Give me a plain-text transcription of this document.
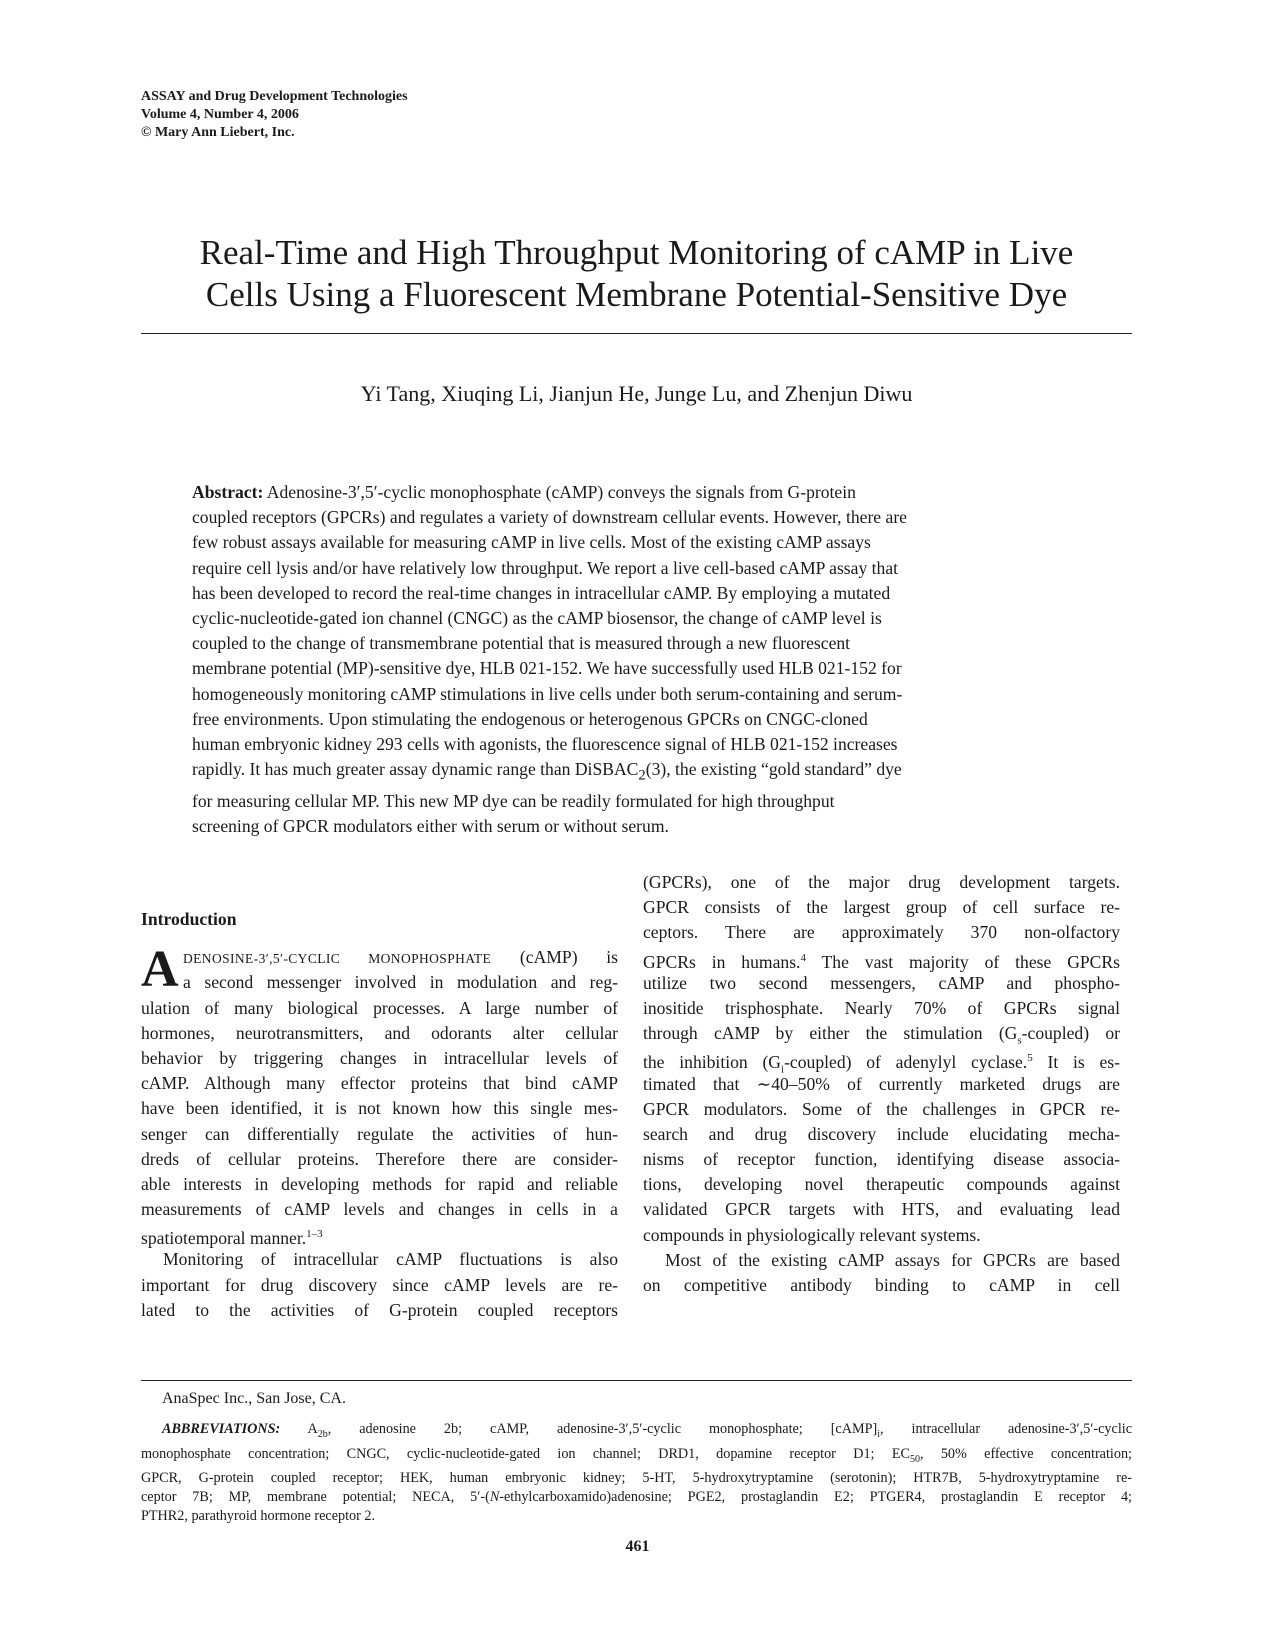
ASSAY and Drug Development Technologies
Volume 4, Number 4, 2006
© Mary Ann Liebert, Inc.
Real-Time and High Throughput Monitoring of cAMP in Live
Cells Using a Fluorescent Membrane Potential-Sensitive Dye
Yi Tang, Xiuqing Li, Jianjun He, Junge Lu, and Zhenjun Diwu
Abstract: Adenosine-3′,5′-cyclic monophosphate (cAMP) conveys the signals from G-protein
coupled receptors (GPCRs) and regulates a variety of downstream cellular events. However, there are
few robust assays available for measuring cAMP in live cells. Most of the existing cAMP assays
require cell lysis and/or have relatively low throughput. We report a live cell-based cAMP assay that
has been developed to record the real-time changes in intracellular cAMP. By employing a mutated
cyclic-nucleotide-gated ion channel (CNGC) as the cAMP biosensor, the change of cAMP level is
coupled to the change of transmembrane potential that is measured through a new fluorescent
membrane potential (MP)-sensitive dye, HLB 021-152. We have successfully used HLB 021-152 for
homogeneously monitoring cAMP stimulations in live cells under both serum-containing and serum-
free environments. Upon stimulating the endogenous or heterogenous GPCRs on CNGC-cloned
human embryonic kidney 293 cells with agonists, the fluorescence signal of HLB 021-152 increases
rapidly. It has much greater assay dynamic range than DiSBAC$_2$(3), the existing “gold standard” dye
for measuring cellular MP. This new MP dye can be readily formulated for high throughput
screening of GPCR modulators either with serum or without serum.
Introduction
A DENOSINE-3′,5′-CYCLIC MONOPHOSPHATE (cAMP) is
a second messenger involved in modulation and reg-
ulation of many biological processes. A large number of
hormones, neurotransmitters, and odorants alter cellular
behavior by triggering changes in intracellular levels of
cAMP. Although many effector proteins that bind cAMP
have been identified, it is not known how this single mes-
senger can differentially regulate the activities of hun-
dreds of cellular proteins. Therefore there are consider-
able interests in developing methods for rapid and reliable
measurements of cAMP levels and changes in cells in a
spatiotemporal manner.$^{1-3}$
Monitoring of intracellular cAMP fluctuations is also
important for drug discovery since cAMP levels are re-
lated to the activities of G-protein coupled receptors
(GPCRs), one of the major drug development targets.
GPCR consists of the largest group of cell surface re-
ceptors. There are approximately 370 non-olfactory
GPCRs in humans.$^4$ The vast majority of these GPCRs
utilize two second messengers, cAMP and phospho-
inositide trisphosphate. Nearly 70% of GPCRs signal
through cAMP by either the stimulation $(G_s-coupled)$ or
the inhibition $(G_i-coupled)$ of adenylyl cyclase.$^5$ It is es-
timated that ∼40–50% of currently marketed drugs are
GPCR modulators. Some of the challenges in GPCR re-
search and drug discovery include elucidating mecha-
nisms of receptor function, identifying disease associa-
tions, developing novel therapeutic compounds against
validated GPCR targets with HTS, and evaluating lead
compounds in physiologically relevant systems.
Most of the existing cAMP assays for GPCRs are based
on competitive antibody binding to cAMP in cell
AnaSpec Inc., San Jose, CA.
ABBREVIATIONS: $A_{2b}$, adenosine 2b; cAMP, adenosine-3′,5′-cyclic monophosphate; $[cAMP]_i$, intracellular adenosine-3′,5′-cyclic
monophosphate concentration; CNGC, cyclic-nucleotide-gated ion channel; DRD1, dopamine receptor D1; $EC_{50}$, 50% effective concentration;
GPCR, G-protein coupled receptor; HEK, human embryonic kidney; 5-HT, 5-hydroxytryptamine (serotonin); HTR7B, 5-hydroxytryptamine re-
ceptor 7B; MP, membrane potential; NECA, 5′-(N-ethylcarboxamido)adenosine; PGE2, prostaglandin E2; PTGER4, prostaglandin E receptor 4;
PTHR2, parathyroid hormone receptor 2.
461
